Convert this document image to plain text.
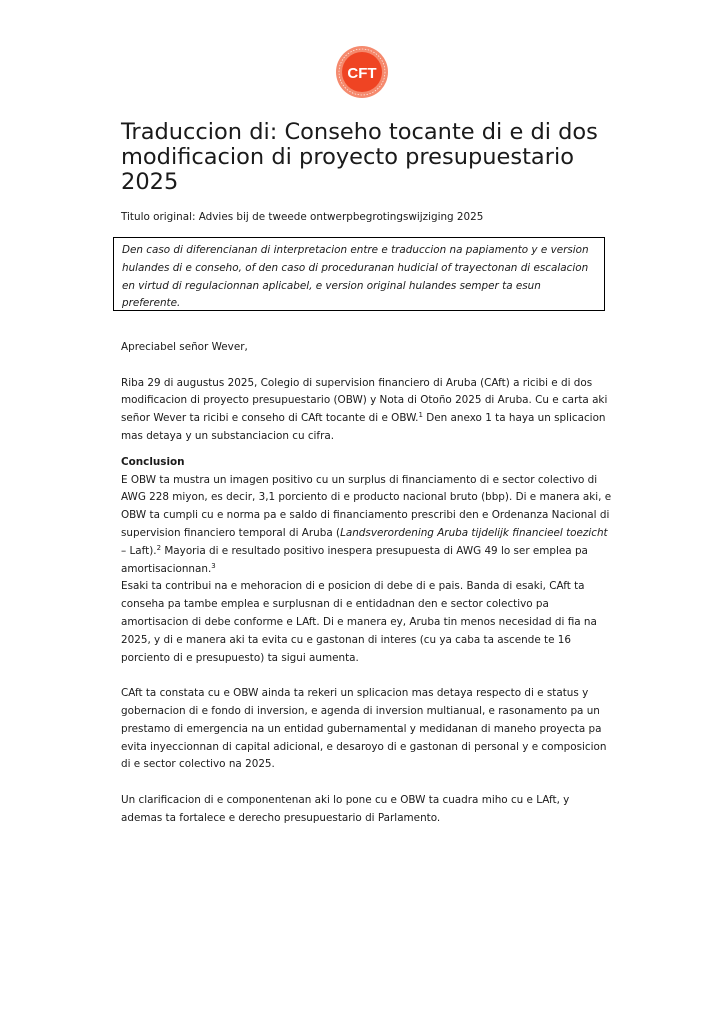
CFT
Traduccion di: Conseho tocante di e di dos modificacion di proyecto presupuestario 2025
Titulo original: Advies bij de tweede ontwerpbegrotingswijziging 2025
Den caso di diferencianan di interpretacion entre e traduccion na papiamento y e version hulandes di e conseho, of den caso di proceduranan hudicial of trayectonan di escalacion en virtud di regulacionnan aplicabel, e version original hulandes semper ta esun preferente.

Apreciabel señor Wever,

Riba 29 di augustus 2025, Colegio di supervision financiero di Aruba (CAft) a ricibi e di dos modificacion di proyecto presupuestario (OBW) y Nota di Otoño 2025 di Aruba. Cu e carta aki señor Wever ta ricibi e conseho di CAft tocante di e OBW.$^1$ Den anexo 1 ta haya un splicacion mas detaya y un substanciacion cu cifra.

Conclusion

E OBW ta mustra un imagen positivo cu un surplus di financiamento di e sector colectivo di AWG 228 miyon, es decir, 3,1 porciento di e producto nacional bruto (bbp). Di e manera aki, e OBW ta cumpli cu e norma pa e saldo di financiamento prescribi den e Ordenanza Nacional di supervision financiero temporal di Aruba (Landsverordening Aruba tijdelijk financieel toezicht – Laft).$^2$ Mayoria di e resultado positivo inespera presupuesta di AWG 49 lo ser emplea pa amortisacionnan.$^3$

Esaki ta contribui na e mehoracion di e posicion di debe di e pais. Banda di esaki, CAft ta conseha pa tambe emplea e surplusnan di e entidadnan den e sector colectivo pa amortisacion di debe conforme e LAft. Di e manera ey, Aruba tin menos necesidad di fia na 2025, y di e manera aki ta evita cu e gastonan di interes (cu ya caba ta ascende te 16 porciento di e presupuesto) ta sigui aumenta.

CAft ta constata cu e OBW ainda ta rekeri un splicacion mas detaya respecto di e status y gobernacion di e fondo di inversion, e agenda di inversion multianual, e rasonamento pa un prestamo di emergencia na un entidad gubernamental y medidanan di maneho proyecta pa evita inyeccionnan di capital adicional, e desaroyo di e gastonan di personal y e composicion di e sector colectivo na 2025.

Un clarificacion di e componentenan aki lo pone cu e OBW ta cuadra miho cu e LAft, y ademas ta fortalece e derecho presupuestario di Parlamento.
